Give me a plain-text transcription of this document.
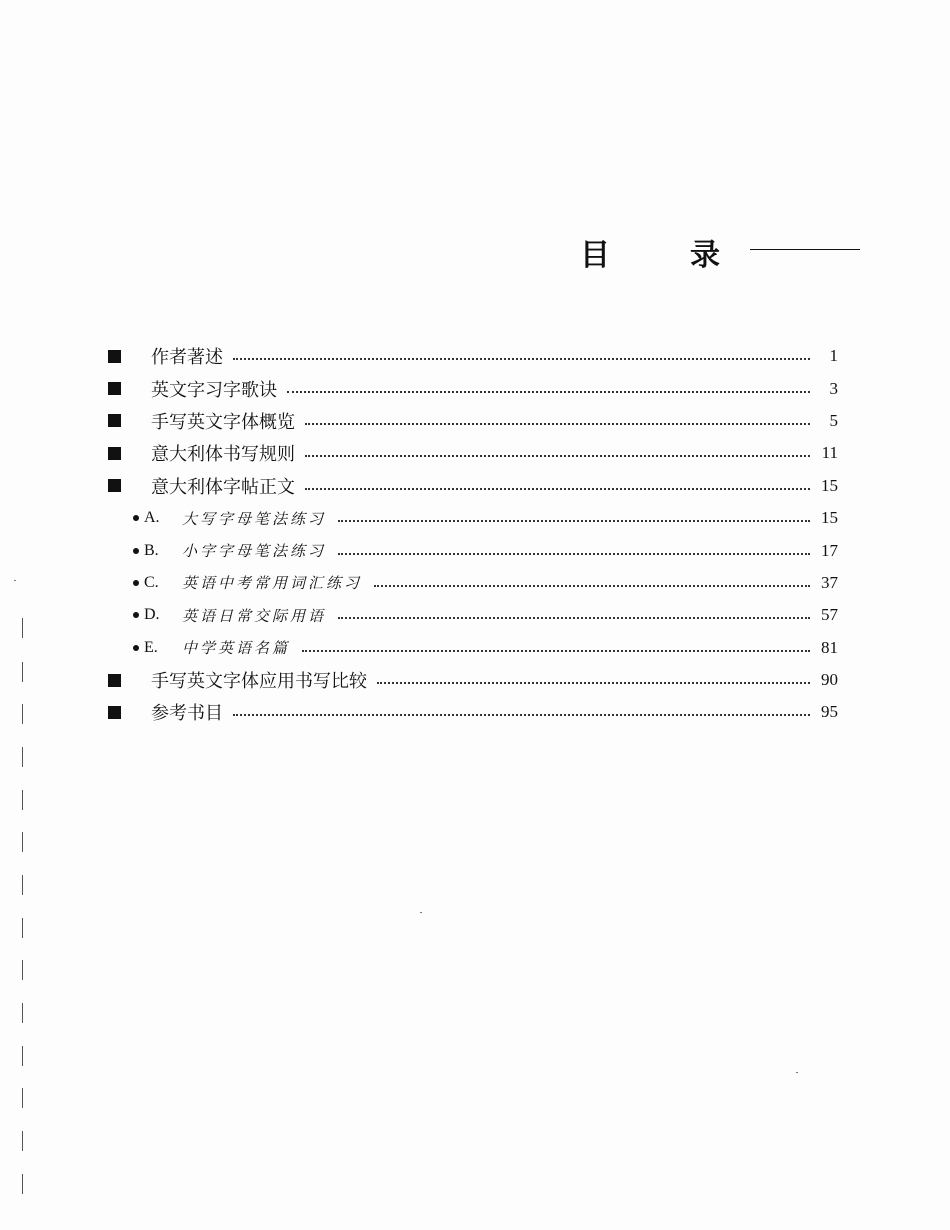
目	录
作者著述	1
英文字习字歌诀	3
手写英文字体概览	5
意大利体书写规则	11
意大利体字帖正文	15
A.	大写字母笔法练习	15
B.	小字字母笔法练习	17
C.	英语中考常用词汇练习	37
D.	英语日常交际用语	57
E.	中学英语名篇	81
手写英文字体应用书写比较	90
参考书目	95
